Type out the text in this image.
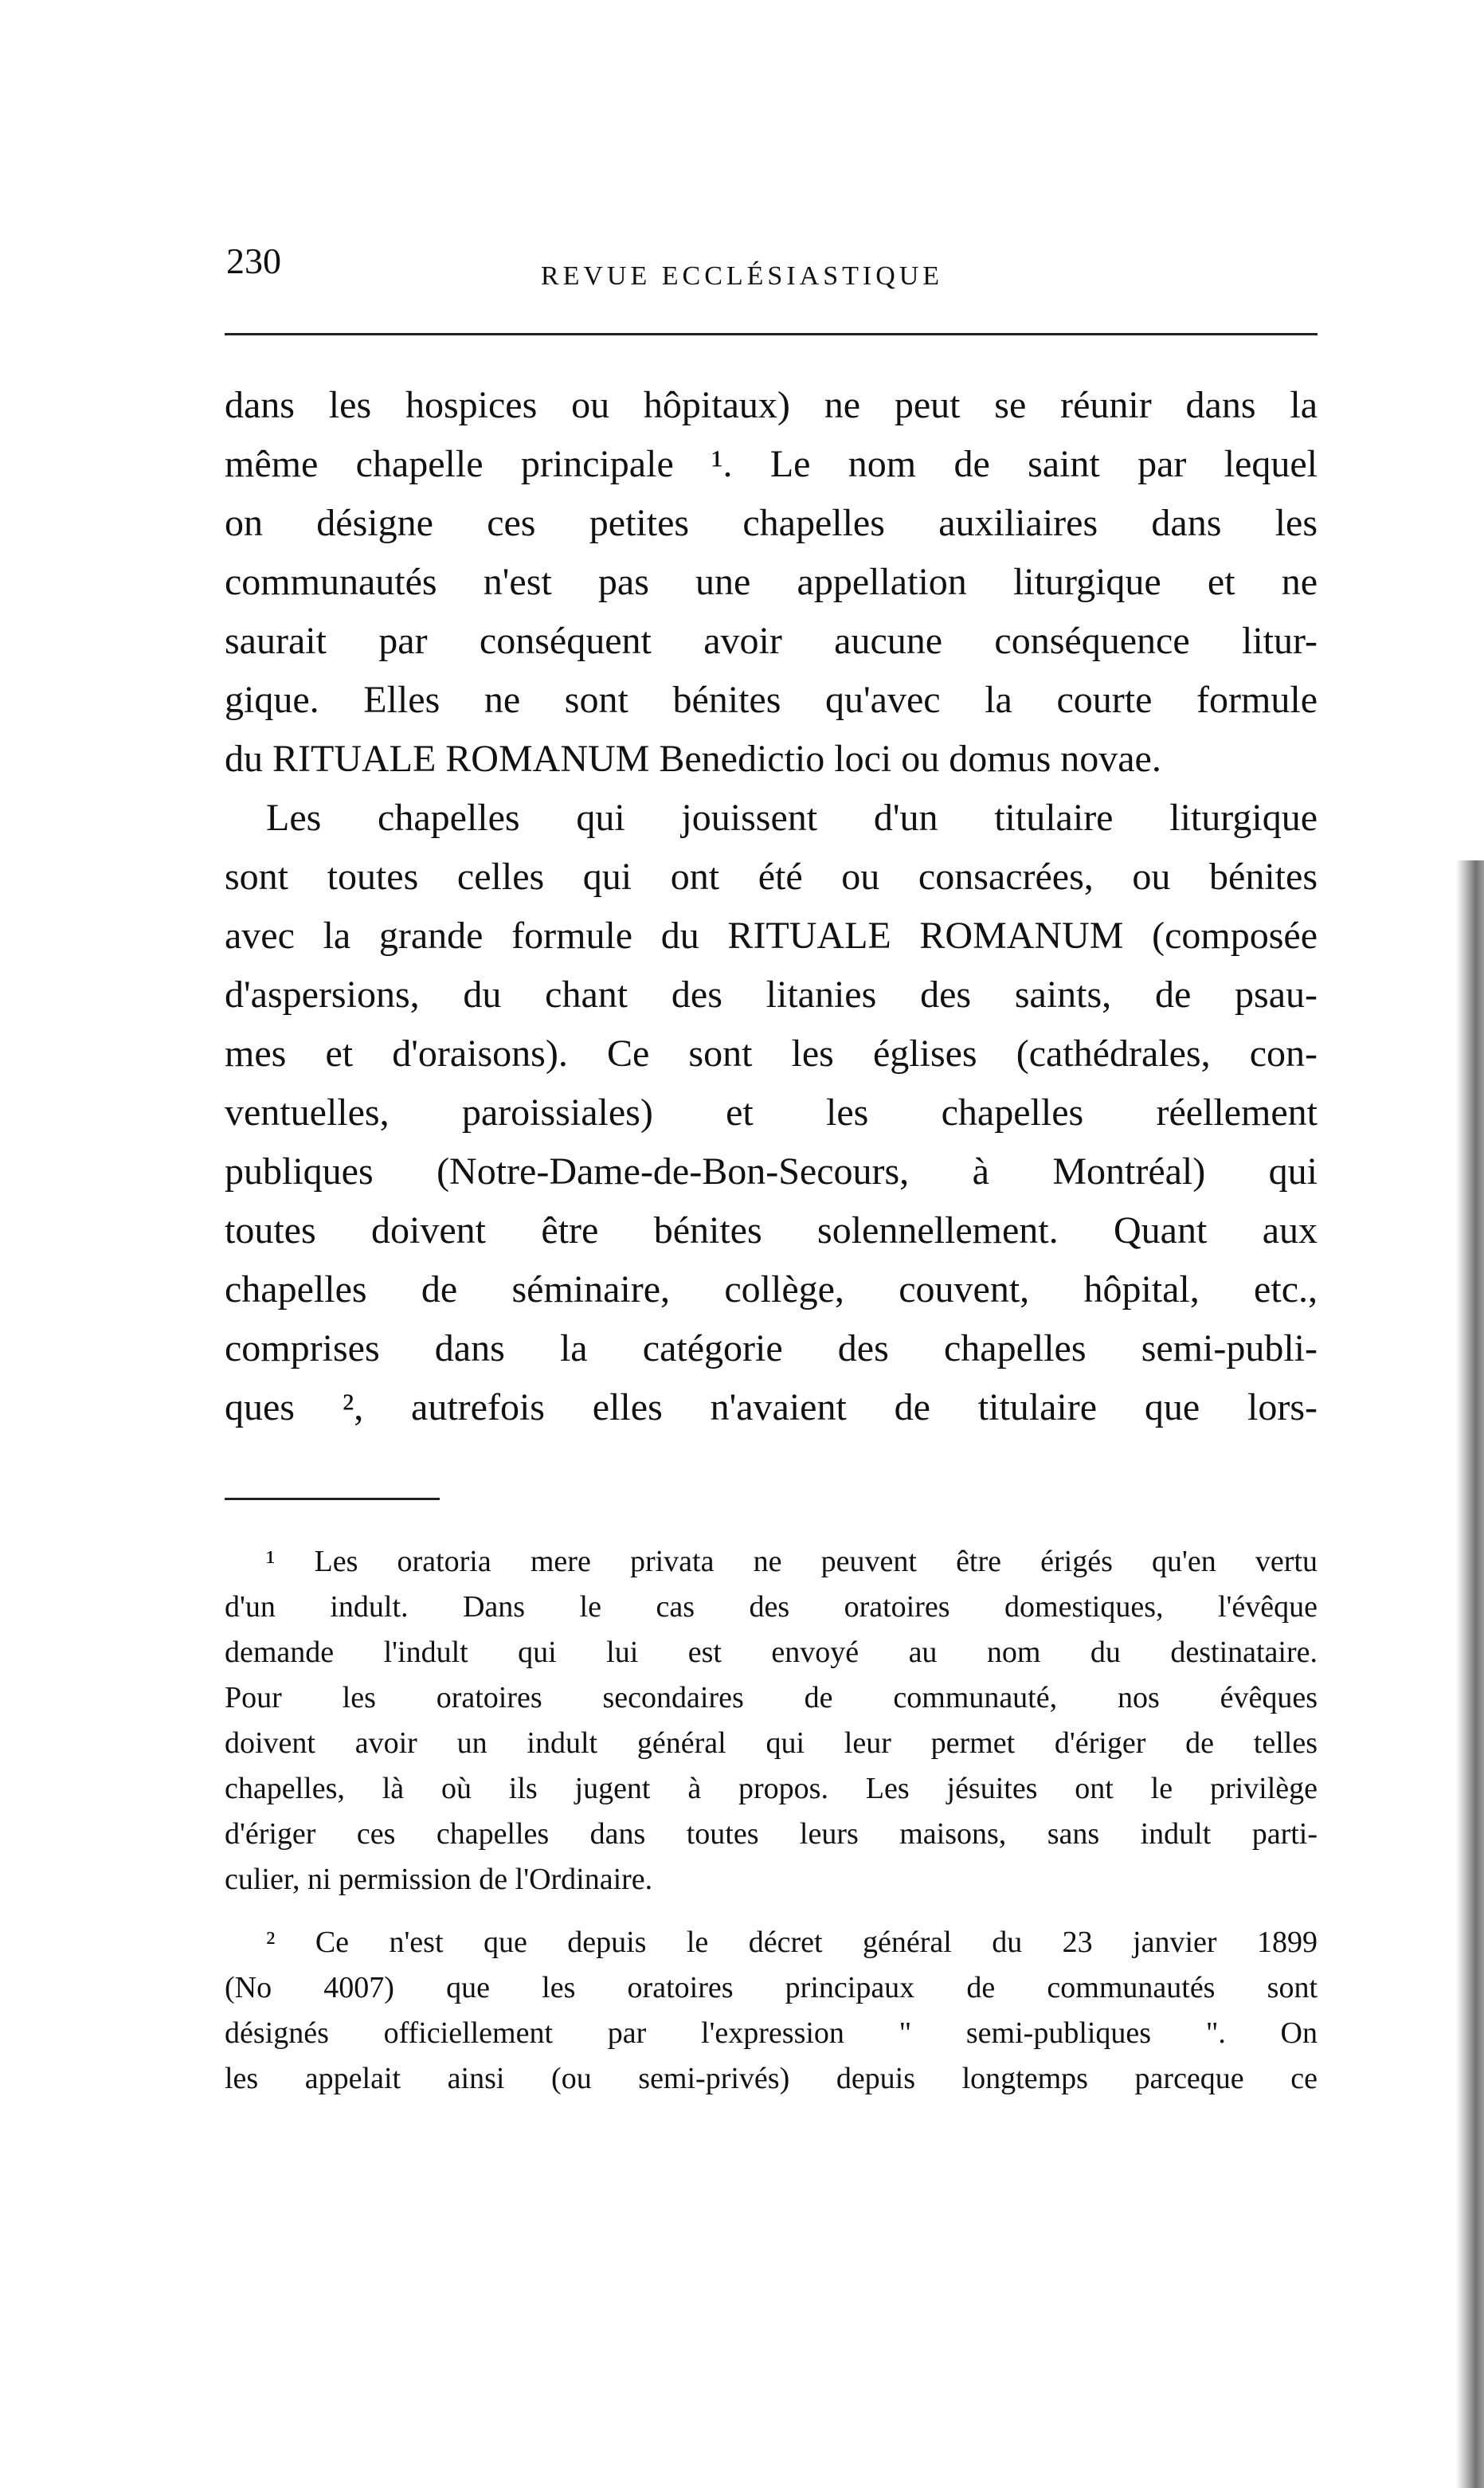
230	REVUE ECCLÉSIASTIQUE
dans les hospices ou hôpitaux) ne peut se réunir dans la
même chapelle principale ¹. Le nom de saint par lequel
on désigne ces petites chapelles auxiliaires dans les
communautés n'est pas une appellation liturgique et ne
saurait par conséquent avoir aucune conséquence litur-
gique. Elles ne sont bénites qu'avec la courte formule
du RITUALE ROMANUM Benedictio loci ou domus novae.
Les chapelles qui jouissent d'un titulaire liturgique
sont toutes celles qui ont été ou consacrées, ou bénites
avec la grande formule du RITUALE ROMANUM (composée
d'aspersions, du chant des litanies des saints, de psau-
mes et d'oraisons). Ce sont les églises (cathédrales, con-
ventuelles, paroissiales) et les chapelles réellement
publiques (Notre-Dame-de-Bon-Secours, à Montréal) qui
toutes doivent être bénites solennellement. Quant aux
chapelles de séminaire, collège, couvent, hôpital, etc.,
comprises dans la catégorie des chapelles semi-publi-
ques ², autrefois elles n'avaient de titulaire que lors-
¹ Les oratoria mere privata ne peuvent être érigés qu'en vertu
d'un indult. Dans le cas des oratoires domestiques, l'évêque
demande l'indult qui lui est envoyé au nom du destinataire.
Pour les oratoires secondaires de communauté, nos évêques
doivent avoir un indult général qui leur permet d'ériger de telles
chapelles, là où ils jugent à propos. Les jésuites ont le privilège
d'ériger ces chapelles dans toutes leurs maisons, sans indult parti-
culier, ni permission de l'Ordinaire.
² Ce n'est que depuis le décret général du 23 janvier 1899
(No 4007) que les oratoires principaux de communautés sont
désignés officiellement par l'expression " semi-publiques ". On
les appelait ainsi (ou semi-privés) depuis longtemps parceque ce
